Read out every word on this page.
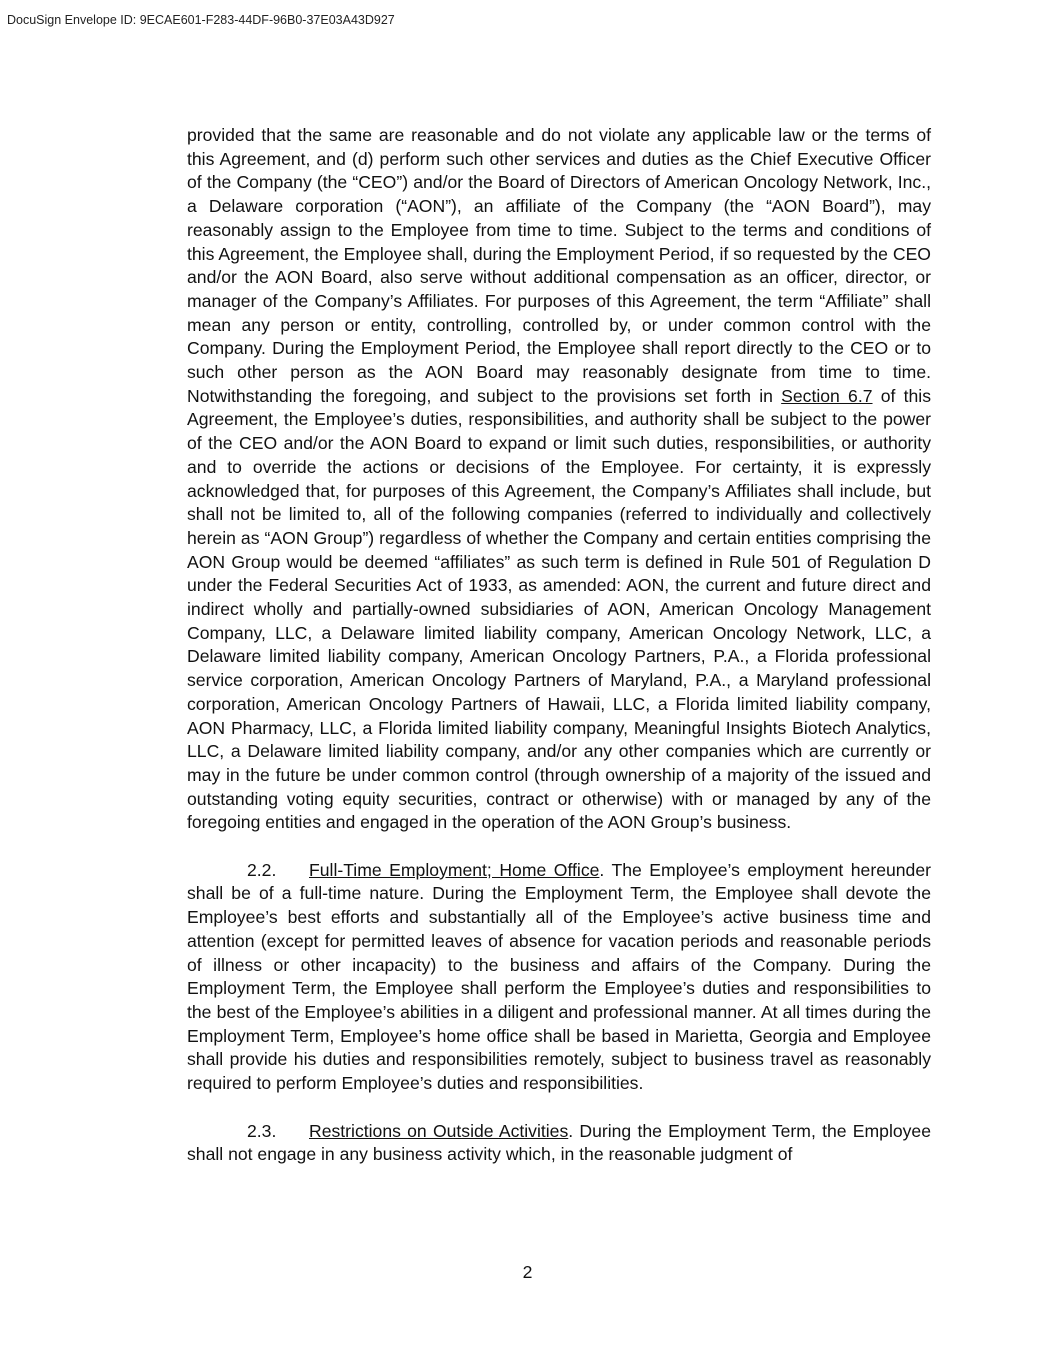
DocuSign Envelope ID: 9ECAE601-F283-44DF-96B0-37E03A43D927

provided that the same are reasonable and do not violate any applicable law or the terms of this Agreement, and (d) perform such other services and duties as the Chief Executive Officer of the Company (the “CEO”) and/or the Board of Directors of American Oncology Network, Inc., a Delaware corporation (“AON”), an affiliate of the Company (the “AON Board”), may reasonably assign to the Employee from time to time. Subject to the terms and conditions of this Agreement, the Employee shall, during the Employment Period, if so requested by the CEO and/or the AON Board, also serve without additional compensation as an officer, director, or manager of the Company’s Affiliates. For purposes of this Agreement, the term “Affiliate” shall mean any person or entity, controlling, controlled by, or under common control with the Company. During the Employment Period, the Employee shall report directly to the CEO or to such other person as the AON Board may reasonably designate from time to time. Notwithstanding the foregoing, and subject to the provisions set forth in Section 6.7 of this Agreement, the Employee’s duties, responsibilities, and authority shall be subject to the power of the CEO and/or the AON Board to expand or limit such duties, responsibilities, or authority and to override the actions or decisions of the Employee. For certainty, it is expressly acknowledged that, for purposes of this Agreement, the Company’s Affiliates shall include, but shall not be limited to, all of the following companies (referred to individually and collectively herein as “AON Group”) regardless of whether the Company and certain entities comprising the AON Group would be deemed “affiliates” as such term is defined in Rule 501 of Regulation D under the Federal Securities Act of 1933, as amended: AON, the current and future direct and indirect wholly and partially-owned subsidiaries of AON, American Oncology Management Company, LLC, a Delaware limited liability company, American Oncology Network, LLC, a Delaware limited liability company, American Oncology Partners, P.A., a Florida professional service corporation, American Oncology Partners of Maryland, P.A., a Maryland professional corporation, American Oncology Partners of Hawaii, LLC, a Florida limited liability company, AON Pharmacy, LLC, a Florida limited liability company, Meaningful Insights Biotech Analytics, LLC, a Delaware limited liability company, and/or any other companies which are currently or may in the future be under common control (through ownership of a majority of the issued and outstanding voting equity securities, contract or otherwise) with or managed by any of the foregoing entities and engaged in the operation of the AON Group’s business.

2.2. Full-Time Employment; Home Office. The Employee’s employment hereunder shall be of a full-time nature. During the Employment Term, the Employee shall devote the Employee’s best efforts and substantially all of the Employee’s active business time and attention (except for permitted leaves of absence for vacation periods and reasonable periods of illness or other incapacity) to the business and affairs of the Company. During the Employment Term, the Employee shall perform the Employee’s duties and responsibilities to the best of the Employee’s abilities in a diligent and professional manner. At all times during the Employment Term, Employee’s home office shall be based in Marietta, Georgia and Employee shall provide his duties and responsibilities remotely, subject to business travel as reasonably required to perform Employee’s duties and responsibilities.

2.3. Restrictions on Outside Activities. During the Employment Term, the Employee shall not engage in any business activity which, in the reasonable judgment of

2
